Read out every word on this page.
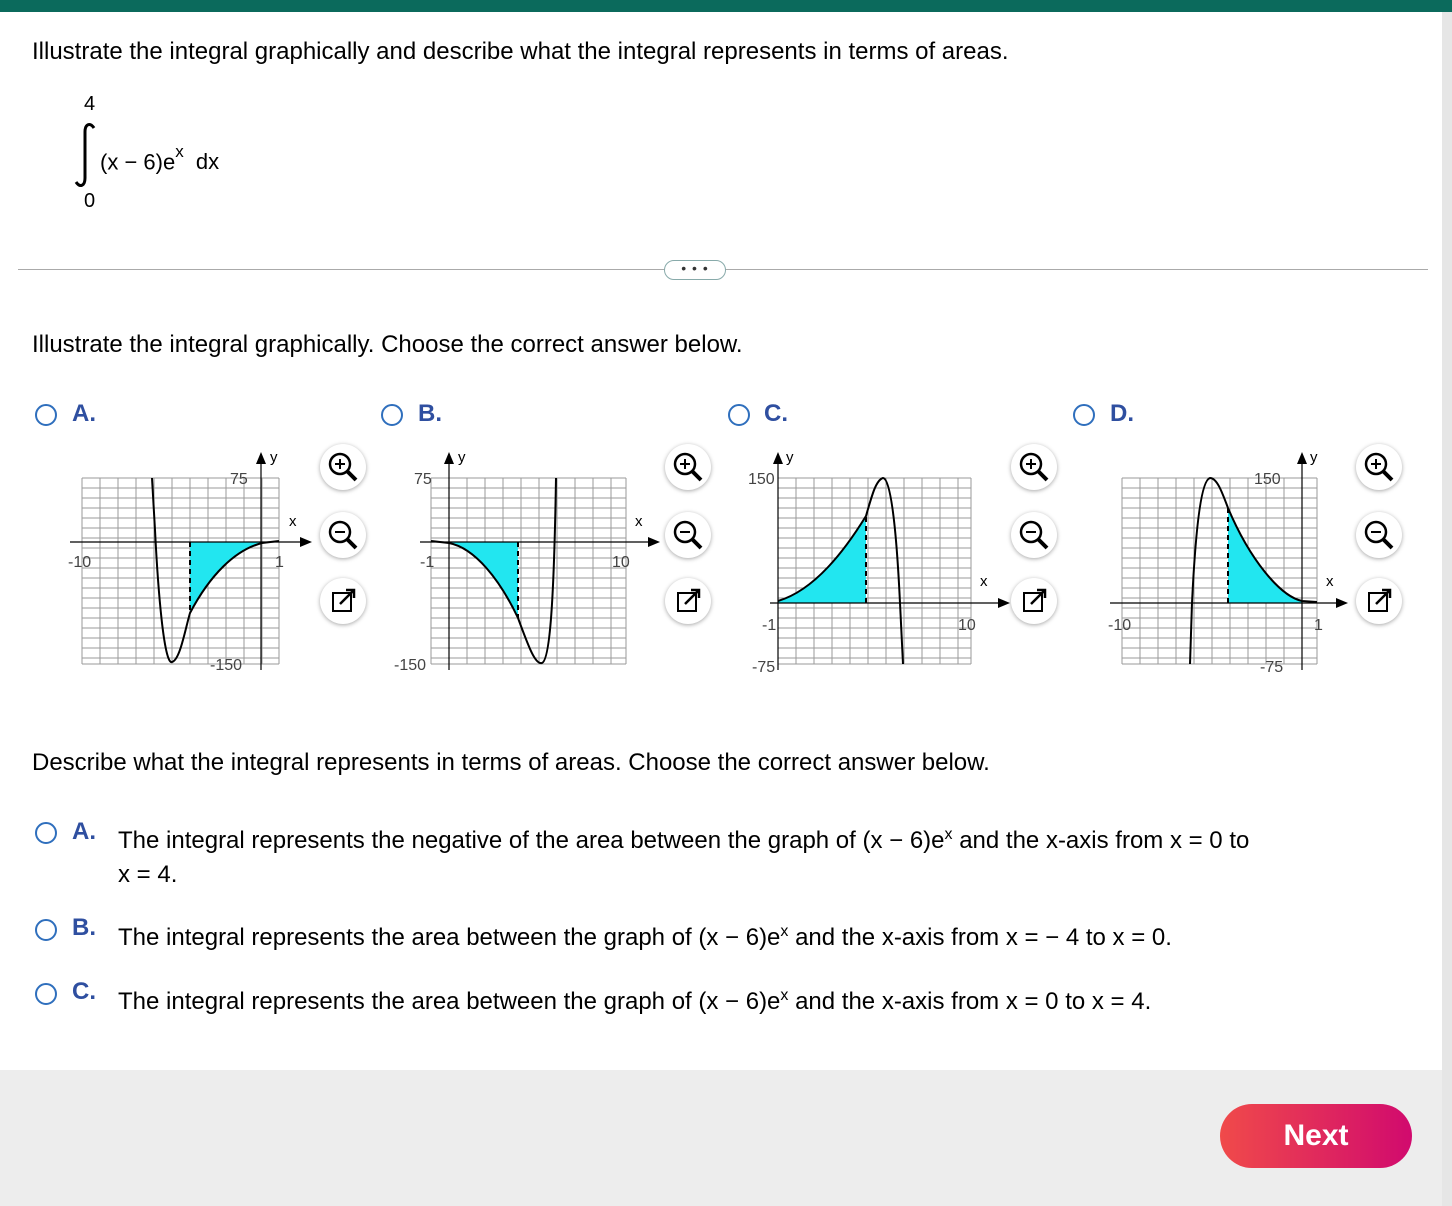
Illustrate the integral graphically and describe what the integral represents in terms of areas.
4
$(x - 6)e^x$ dx
0
• • •
Illustrate the integral graphically. Choose the correct answer below.
A.	B.	C.	D.
75
-150
-10	1
x
y
75
-150
-1	10
x
y
150
-75
-1	10
x
y
150
-75
-10	1
x
y
Describe what the integral represents in terms of areas. Choose the correct answer below.
A. The integral represents the negative of the area between the graph of $(x - 6)e^x$ and the x-axis from x = 0 to
x = 4.
B. The integral represents the area between the graph of $(x - 6)e^x$ and the x-axis from x = − 4 to x = 0.
C. The integral represents the area between the graph of $(x - 6)e^x$ and the x-axis from x = 0 to x = 4.
Next
